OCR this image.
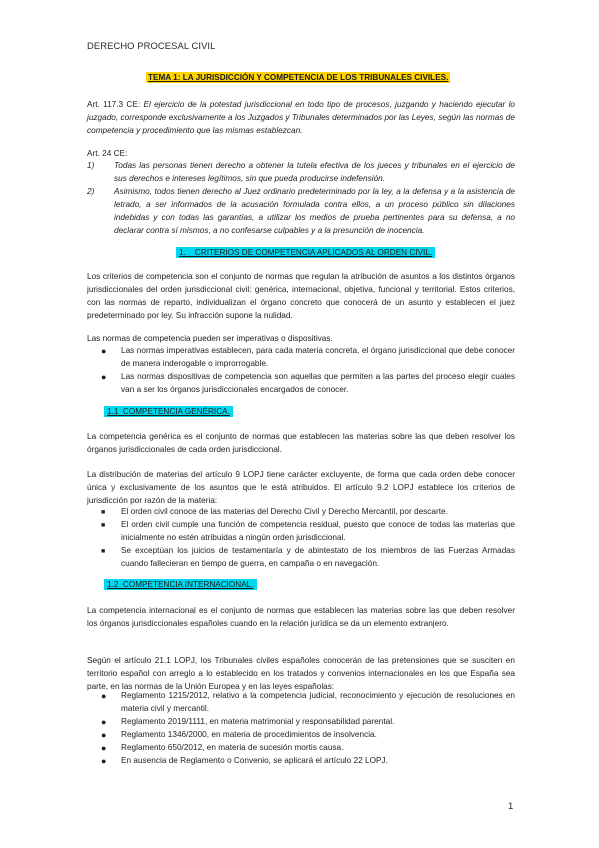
DERECHO PROCESAL CIVIL
TEMA 1: LA JURISDICCIÓN Y COMPETENCIA DE LOS TRIBUNALES CIVILES.
Art. 117.3 CE: El ejercicio de la potestad jurisdiccional en todo tipo de procesos, juzgando y haciendo ejecutar lo juzgado, corresponde exclusivamente a los Juzgados y Tribunales determinados por las Leyes, según las normas de competencia y procedimiento que las mismas establezcan.
Art. 24 CE:
1) Todas las personas tienen derecho a obtener la tutela efectiva de los jueces y tribunales en el ejercicio de sus derechos e intereses legítimos, sin que pueda producirse indefensión.
2) Asimismo, todos tienen derecho al Juez ordinario predeterminado por la ley, a la defensa y a la asistencia de letrado, a ser informados de la acusación formulada contra ellos, a un proceso público sin dilaciones indebidas y con todas las garantías, a utilizar los medios de prueba pertinentes para su defensa, a no declarar contra sí mismos, a no confesarse culpables y a la presunción de inocencia.
1.    CRITERIOS DE COMPETENCIA APLICADOS AL ORDEN CIVIL.
Los criterios de competencia son el conjunto de normas que regulan la atribución de asuntos a los distintos órganos jurisdiccionales del orden jurisdiccional civil: genérica, internacional, objetiva, funcional y territorial. Estos criterios, con las normas de reparto, individualizan el órgano concreto que conocerá de un asunto y establecen el juez predeterminado por ley. Su infracción supone la nulidad.
Las normas de competencia pueden ser imperativas o dispositivas.
● Las normas imperativas establecen, para cada materia concreta, el órgano jurisdiccional que debe conocer de manera inderogable o improrrogable.
● Las normas dispositivas de competencia son aquellas que permiten a las partes del proceso elegir cuales van a ser los órganos jurisdiccionales encargados de conocer.
1.1  COMPETENCIA GENÉRICA.
La competencia genérica es el conjunto de normas que establecen las materias sobre las que deben resolver los órganos jurisdiccionales de cada orden jurisdiccional.
La distribución de materias del artículo 9 LOPJ tiene carácter excluyente, de forma que cada orden debe conocer única y exclusivamente de los asuntos que le está atribuidos. El artículo 9.2 LOPJ establece los criterios de jurisdicción por razón de la materia:
■ El orden civil conoce de las materias del Derecho Civil y Derecho Mercantil, por descarte.
■ El orden civil cumple una función de competencia residual, puesto que conoce de todas las materias que inicialmente no estén atribuidas a ningún orden jurisdiccional.
■ Se exceptúan los juicios de testamentaría y de abintestato de los miembros de las Fuerzas Armadas cuando fallecieran en tiempo de guerra, en campaña o en navegación.
1.2  COMPETENCIA INTERNACIONAL.
La competencia internacional es el conjunto de normas que establecen las materias sobre las que deben resolver los órganos jurisdiccionales españoles cuando en la relación jurídica se da un elemento extranjero.
Según el artículo 21.1 LOPJ, los Tribunales civiles españoles conocerán de las pretensiones que se susciten en territorio español con arreglo a lo establecido en los tratados y convenios internacionales en los que España sea parte, en las normas de la Unión Europea y en las leyes españolas:
● Reglamento 1215/2012, relativo a la competencia judicial, reconocimiento y ejecución de resoluciones en materia civil y mercantil.
● Reglamento 2019/1111, en materia matrimonial y responsabilidad parental.
● Reglamento 1346/2000, en materia de procedimientos de insolvencia.
● Reglamento 650/2012, en materia de sucesión mortis causa.
● En ausencia de Reglamento o Convenio, se aplicará el artículo 22 LOPJ.
1
